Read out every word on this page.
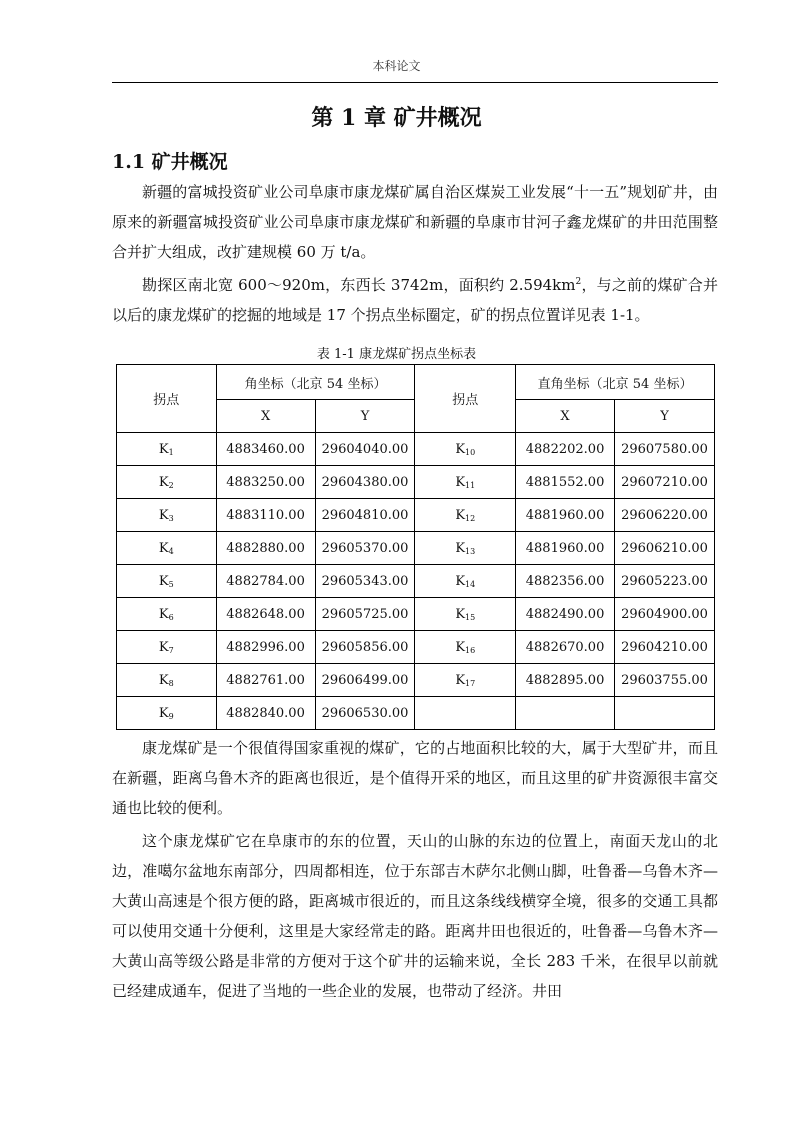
本科论文
第 1 章 矿井概况
1.1 矿井概况

新疆的富城投资矿业公司阜康市康龙煤矿属自治区煤炭工业发展“十一五”规划矿井，由原来的新疆富城投资矿业公司阜康市康龙煤矿和新疆的阜康市甘河子鑫龙煤矿的井田范围整合并扩大组成，改扩建规模 60 万 t/a。

勘探区南北宽 600～920m，东西长 3742m，面积约 $2.594km^2$，与之前的煤矿合并以后的康龙煤矿的挖掘的地域是 17 个拐点坐标圈定，矿的拐点位置详见表 1-1。

表 1-1 康龙煤矿拐点坐标表
拐点	角坐标（北京 54 坐标）		拐点	直角坐标（北京 54 坐标）	
	X	Y		X	Y
$K_1$	4883460.00	29604040.00	$K_{10}$	4882202.00	29607580.00
$K_2$	4883250.00	29604380.00	$K_{11}$	4881552.00	29607210.00
$K_3$	4883110.00	29604810.00	$K_{12}$	4881960.00	29606220.00
$K_4$	4882880.00	29605370.00	$K_{13}$	4881960.00	29606210.00
$K_5$	4882784.00	29605343.00	$K_{14}$	4882356.00	29605223.00
$K_6$	4882648.00	29605725.00	$K_{15}$	4882490.00	29604900.00
$K_7$	4882996.00	29605856.00	$K_{16}$	4882670.00	29604210.00
$K_8$	4882761.00	29606499.00	$K_{17}$	4882895.00	29603755.00
$K_9$	4882840.00	29606530.00			

康龙煤矿是一个很值得国家重视的煤矿，它的占地面积比较的大，属于大型矿井，而且在新疆，距离乌鲁木齐的距离也很近，是个值得开采的地区，而且这里的矿井资源很丰富交通也比较的便利。

这个康龙煤矿它在阜康市的东的位置，天山的山脉的东边的位置上，南面天龙山的北边，准噶尔盆地东南部分，四周都相连，位于东部吉木萨尔北侧山脚，吐鲁番—乌鲁木齐—大黄山高速是个很方便的路，距离城市很近的，而且这条线线横穿全境，很多的交通工具都可以使用交通十分便利，这里是大家经常走的路。距离井田也很近的，吐鲁番—乌鲁木齐—大黄山高等级公路是非常的方便对于这个矿井的运输来说，全长 283 千米，在很早以前就已经建成通车，促进了当地的一些企业的发展，也带动了经济。井田
